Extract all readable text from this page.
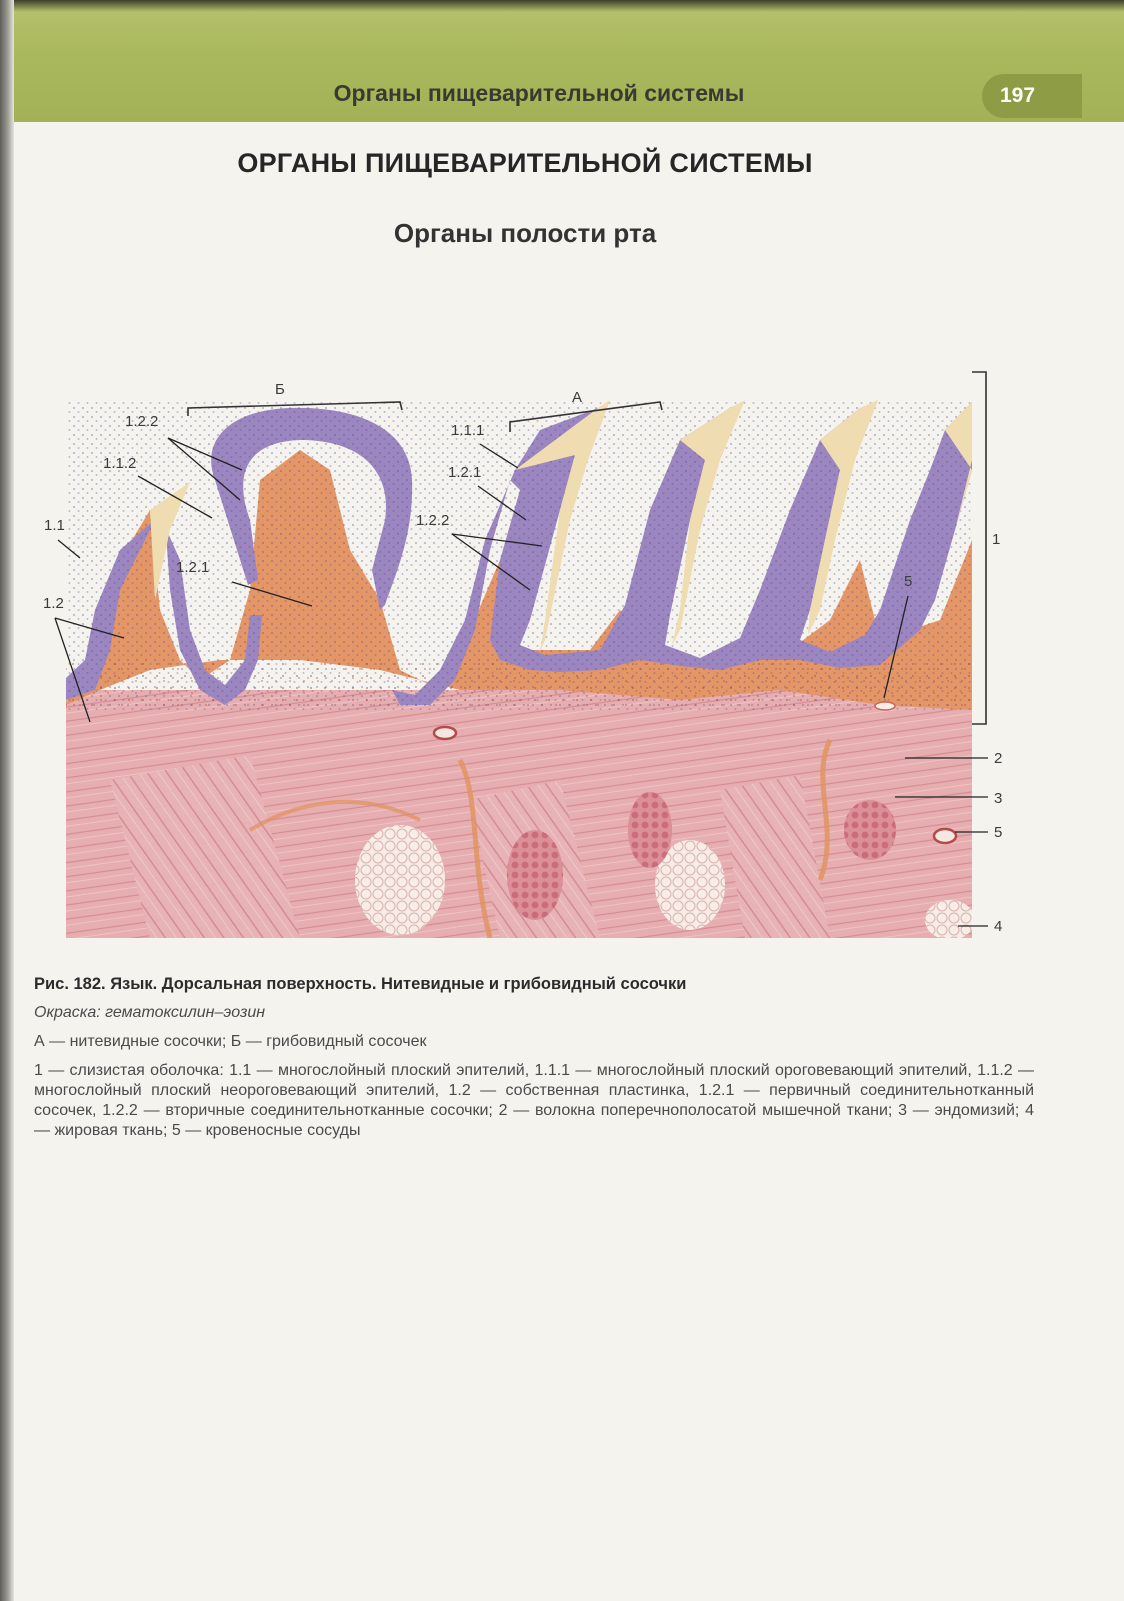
Органы пищеварительной системы	197
ОРГАНЫ ПИЩЕВАРИТЕЛЬНОЙ СИСТЕМЫ
Органы полости рта
Б	А
1
1.2.2
1.1.2
1.1
1.2.1
1.2
1.1.1
1.2.1
1.2.2
5
2
3
5
4
Рис. 182. Язык. Дорсальная поверхность. Нитевидные и грибовидный сосочки
Окраска: гематоксилин–эозин
А — нитевидные сосочки; Б — грибовидный сосочек
1 — слизистая оболочка: 1.1 — многослойный плоский эпителий, 1.1.1 — многослойный плоский ороговевающий эпителий, 1.1.2 — многослойный плоский неороговевающий эпителий, 1.2 — собственная пластинка, 1.2.1 — первичный соединительнотканный сосочек, 1.2.2 — вторичные соединительнотканные сосочки; 2 — волокна поперечнополосатой мышечной ткани; 3 — эндомизий; 4 — жировая ткань; 5 — кровеносные сосуды
